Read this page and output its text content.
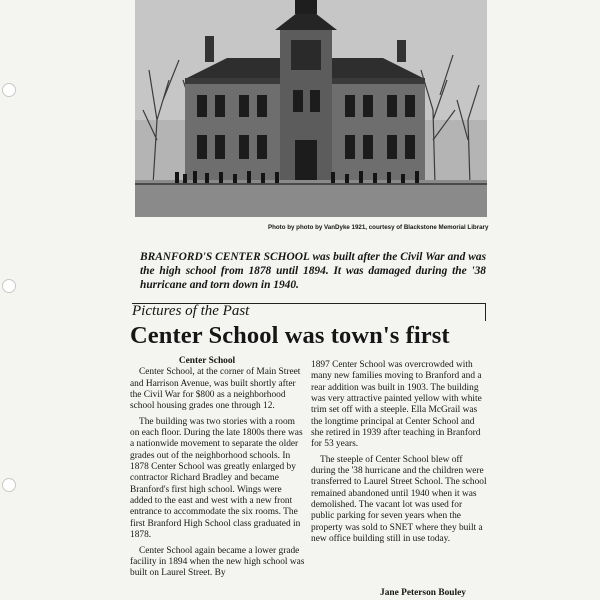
Photo by photo by VanDyke 1921, courtesy of Blackstone Memorial Library
BRANFORD'S CENTER SCHOOL was built after the Civil War and was the high school from 1878 until 1894. It was damaged during the '38 hurricane and torn down in 1940.
Pictures of the Past
Center School was town's first
Center School

Center School, at the corner of Main Street and Harrison Avenue, was built shortly after the Civil War for $800 as a neighborhood school housing grades one through 12.

The building was two stories with a room on each floor. During the late 1800s there was a nationwide movement to separate the older grades out of the neighborhood schools. In 1878 Center School was greatly enlarged by contractor Richard Bradley and became Branford's first high school. Wings were added to the east and west with a new front entrance to accommodate the six rooms. The first Branford High School class graduated in 1878.

Center School again became a lower grade facility in 1894 when the new high school was built on Laurel Street. By

1897 Center School was overcrowded with many new families moving to Branford and a rear addition was built in 1903. The building was very attractive painted yellow with white trim set off with a steeple. Ella McGrail was the longtime principal at Center School and she retired in 1939 after teaching in Branford for 53 years.

The steeple of Center School blew off during the '38 hurricane and the children were transferred to Laurel Street School. The school remained abandoned until 1940 when it was demolished. The vacant lot was used for public parking for seven years when the property was sold to SNET where they built a new office building still in use today.

Jane Peterson Bouley
